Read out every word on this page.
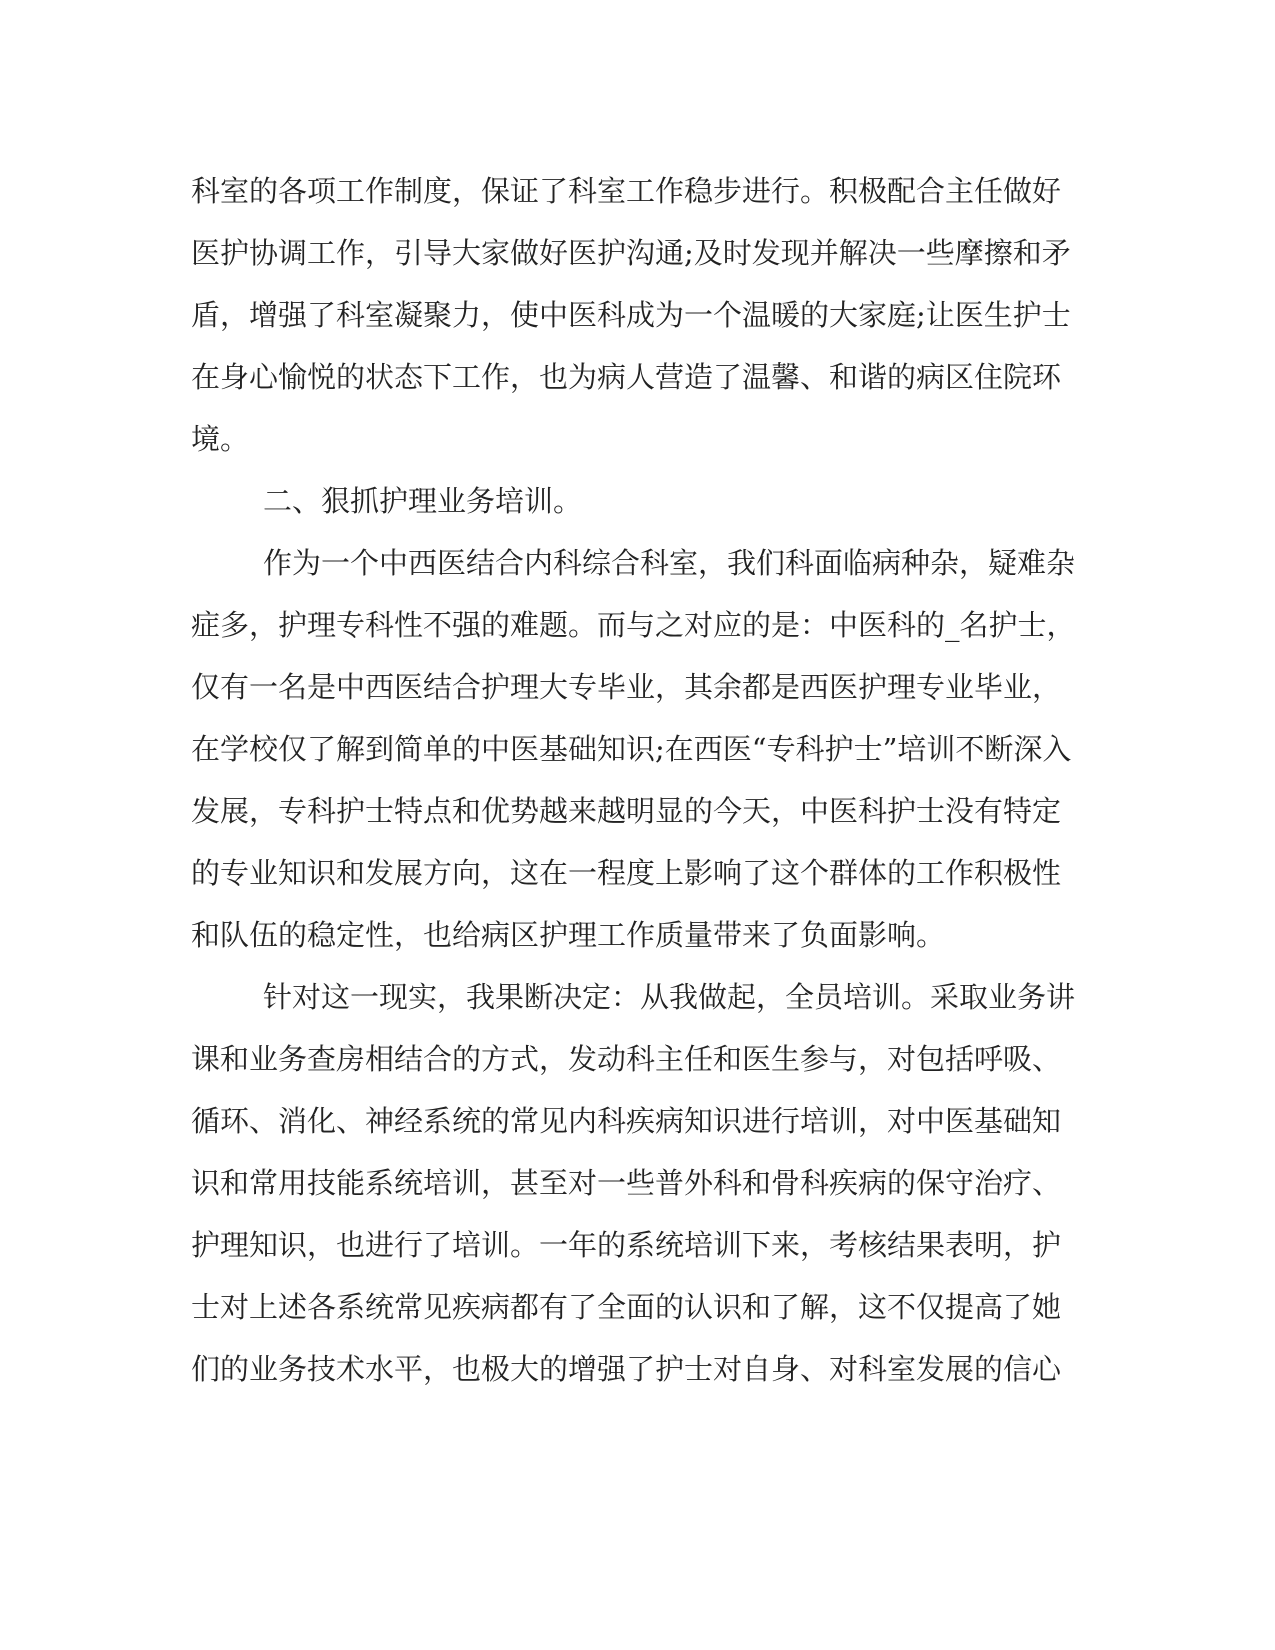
科室的各项工作制度，保证了科室工作稳步进行。积极配合主任做好
医护协调工作，引导大家做好医护沟通;及时发现并解决一些摩擦和矛
盾，增强了科室凝聚力，使中医科成为一个温暖的大家庭;让医生护士
在身心愉悦的状态下工作，也为病人营造了温馨、和谐的病区住院环
境。
二、狠抓护理业务培训。
作为一个中西医结合内科综合科室，我们科面临病种杂，疑难杂
症多，护理专科性不强的难题。而与之对应的是：中医科的_名护士，
仅有一名是中西医结合护理大专毕业，其余都是西医护理专业毕业，
在学校仅了解到简单的中医基础知识;在西医“专科护士”培训不断深入
发展，专科护士特点和优势越来越明显的今天，中医科护士没有特定
的专业知识和发展方向，这在一程度上影响了这个群体的工作积极性
和队伍的稳定性，也给病区护理工作质量带来了负面影响。
针对这一现实，我果断决定：从我做起，全员培训。采取业务讲
课和业务查房相结合的方式，发动科主任和医生参与，对包括呼吸、
循环、消化、神经系统的常见内科疾病知识进行培训，对中医基础知
识和常用技能系统培训，甚至对一些普外科和骨科疾病的保守治疗、
护理知识，也进行了培训。一年的系统培训下来，考核结果表明，护
士对上述各系统常见疾病都有了全面的认识和了解，这不仅提高了她
们的业务技术水平，也极大的增强了护士对自身、对科室发展的信心
